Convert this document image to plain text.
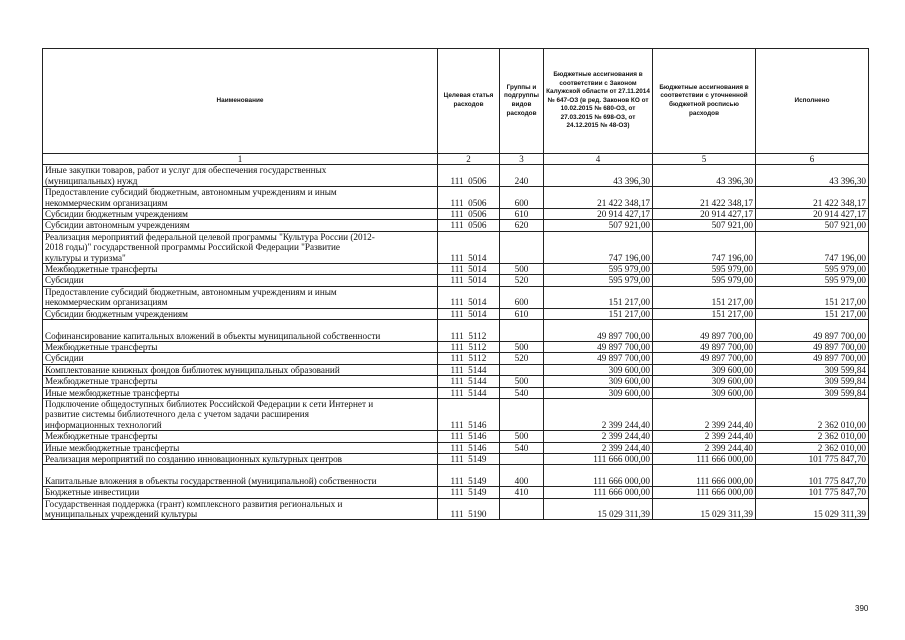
Наименование	Целевая статья расходов	Группы и подгруппы видов расходов	Бюджетные ассигнования в соответствии с Законом Калужской области от 27.11.2014 № 647-ОЗ (в ред. Законов КО от 10.02.2015 № 680-ОЗ, от 27.03.2015 № 698-ОЗ, от 24.12.2015 № 48-ОЗ)	Бюджетные ассигнования в соответствии с уточненной бюджетной росписью расходов	Исполнено
1	2	3	4	5	6
Иные закупки товаров, работ и услуг для обеспечения государственных
(муниципальных) нужд	111  0506	240	43 396,30	43 396,30	43 396,30
Предоставление субсидий бюджетным, автономным учреждениям и иным
некоммерческим организациям	111  0506	600	21 422 348,17	21 422 348,17	21 422 348,17
Субсидии бюджетным учреждениям	111  0506	610	20 914 427,17	20 914 427,17	20 914 427,17
Субсидии автономным учреждениям	111  0506	620	507 921,00	507 921,00	507 921,00
Реализация мероприятий федеральной целевой программы "Культура России (2012-
2018 годы)" государственной программы Российской Федерации "Развитие
культуры и туризма"	111  5014		747 196,00	747 196,00	747 196,00
Межбюджетные трансферты	111  5014	500	595 979,00	595 979,00	595 979,00
Субсидии	111  5014	520	595 979,00	595 979,00	595 979,00
Предоставление субсидий бюджетным, автономным учреждениям и иным
некоммерческим организациям	111  5014	600	151 217,00	151 217,00	151 217,00
Субсидии бюджетным учреждениям	111  5014	610	151 217,00	151 217,00	151 217,00

Софинансирование капитальных вложений в объекты муниципальной собственности	111  5112		49 897 700,00	49 897 700,00	49 897 700,00
Межбюджетные трансферты	111  5112	500	49 897 700,00	49 897 700,00	49 897 700,00
Субсидии	111  5112	520	49 897 700,00	49 897 700,00	49 897 700,00
Комплектование книжных фондов библиотек муниципальных образований	111  5144		309 600,00	309 600,00	309 599,84
Межбюджетные трансферты	111  5144	500	309 600,00	309 600,00	309 599,84
Иные межбюджетные трансферты	111  5144	540	309 600,00	309 600,00	309 599,84
Подключение общедоступных библиотек Российской Федерации к сети Интернет и
развитие системы библиотечного дела с учетом задачи расширения
информационных технологий	111  5146		2 399 244,40	2 399 244,40	2 362 010,00
Межбюджетные трансферты	111  5146	500	2 399 244,40	2 399 244,40	2 362 010,00
Иные межбюджетные трансферты	111  5146	540	2 399 244,40	2 399 244,40	2 362 010,00
Реализация мероприятий по созданию инновационных культурных центров	111  5149		111 666 000,00	111 666 000,00	101 775 847,70

Капитальные вложения в объекты государственной (муниципальной) собственности	111  5149	400	111 666 000,00	111 666 000,00	101 775 847,70
Бюджетные инвестиции	111  5149	410	111 666 000,00	111 666 000,00	101 775 847,70
Государственная поддержка (грант) комплексного развития региональных и
муниципальных учреждений культуры	111  5190		15 029 311,39	15 029 311,39	15 029 311,39
390
